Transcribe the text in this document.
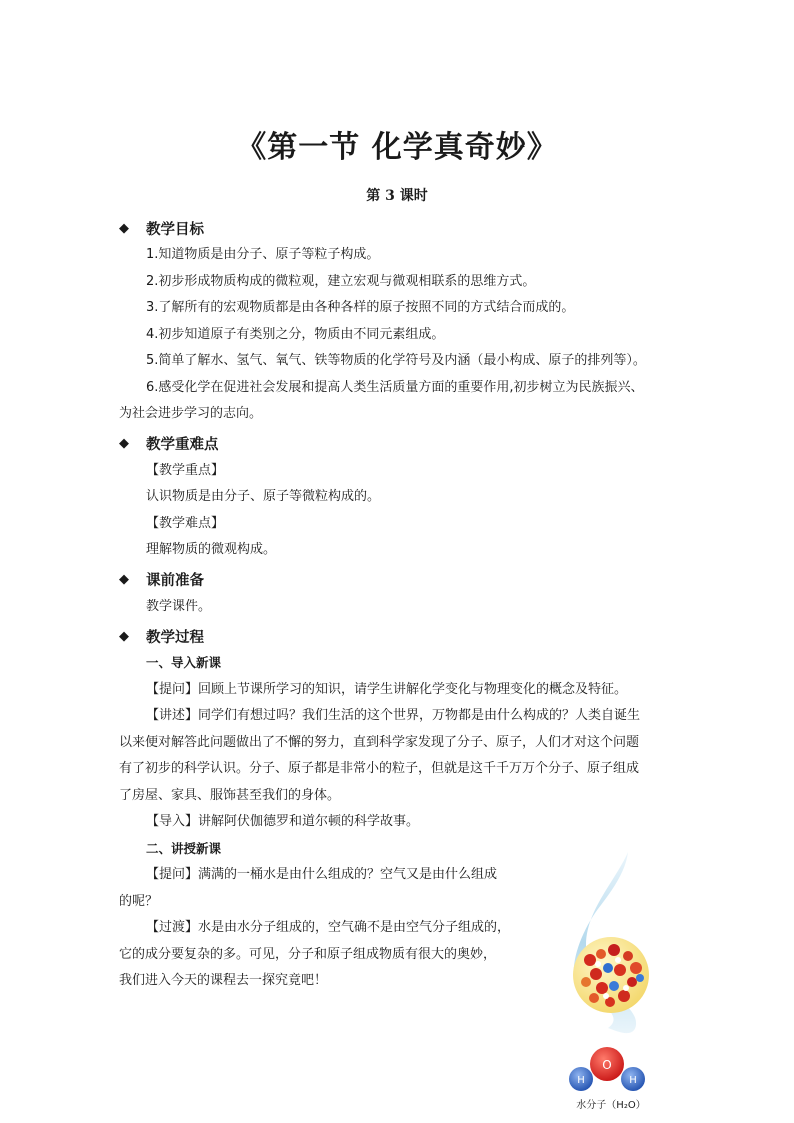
《第一节 化学真奇妙》
第 3 课时
◆	教学目标
1.知道物质是由分子、原子等粒子构成。
2.初步形成物质构成的微粒观，建立宏观与微观相联系的思维方式。
3.了解所有的宏观物质都是由各种各样的原子按照不同的方式结合而成的。
4.初步知道原子有类别之分，物质由不同元素组成。
5.简单了解水、氢气、氧气、铁等物质的化学符号及内涵（最小构成、原子的排列等）。
6.感受化学在促进社会发展和提高人类生活质量方面的重要作用,初步树立为民族振兴、
为社会进步学习的志向。
◆	教学重难点
【教学重点】
认识物质是由分子、原子等微粒构成的。
【教学难点】
理解物质的微观构成。
◆	课前准备
教学课件。
◆	教学过程
一、导入新课
【提问】回顾上节课所学习的知识，请学生讲解化学变化与物理变化的概念及特征。
【讲述】同学们有想过吗？我们生活的这个世界，万物都是由什么构成的？人类自诞生
以来便对解答此问题做出了不懈的努力，直到科学家发现了分子、原子，人们才对这个问题
有了初步的科学认识。分子、原子都是非常小的粒子，但就是这千千万万个分子、原子组成
了房屋、家具、服饰甚至我们的身体。
【导入】讲解阿伏伽德罗和道尔顿的科学故事。
二、讲授新课
【提问】满满的一桶水是由什么组成的？空气又是由什么组成
的呢？
【过渡】水是由水分子组成的，空气确不是由空气分子组成的，
它的成分要复杂的多。可见，分子和原子组成物质有很大的奥妙，
我们进入今天的课程去一探究竟吧！
O
H	H
水分子（H₂O）
